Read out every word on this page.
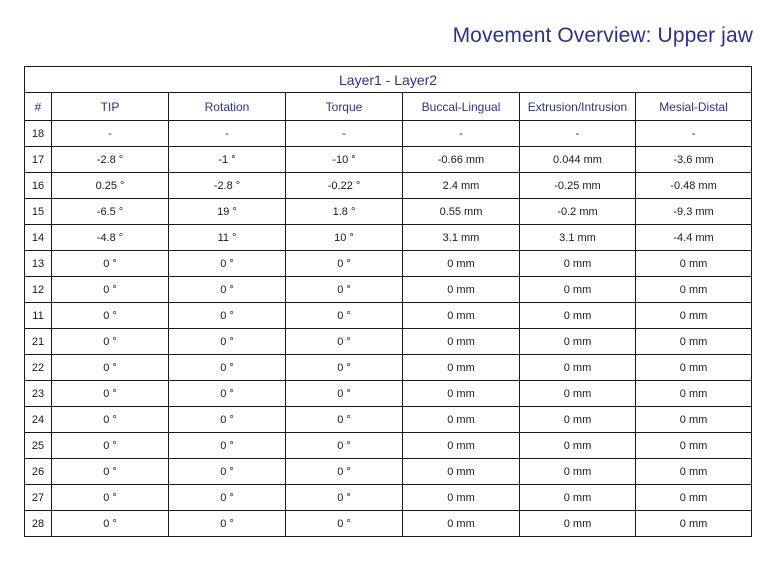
Movement Overview: Upper jaw
Layer1 - Layer2						
#	TIP	Rotation	Torque	Buccal-Lingual	Extrusion/Intrusion	Mesial-Distal
18	-	-	-	-	-	-
17	-2.8 °	-1 °	-10 °	-0.66 mm	0.044 mm	-3.6 mm
16	0.25 °	-2.8 °	-0.22 °	2.4 mm	-0.25 mm	-0.48 mm
15	-6.5 °	19 °	1.8 °	0.55 mm	-0.2 mm	-9.3 mm
14	-4.8 °	11 °	10 °	3.1 mm	3.1 mm	-4.4 mm
13	0 °	0 °	0 °	0 mm	0 mm	0 mm
12	0 °	0 °	0 °	0 mm	0 mm	0 mm
11	0 °	0 °	0 °	0 mm	0 mm	0 mm
21	0 °	0 °	0 °	0 mm	0 mm	0 mm
22	0 °	0 °	0 °	0 mm	0 mm	0 mm
23	0 °	0 °	0 °	0 mm	0 mm	0 mm
24	0 °	0 °	0 °	0 mm	0 mm	0 mm
25	0 °	0 °	0 °	0 mm	0 mm	0 mm
26	0 °	0 °	0 °	0 mm	0 mm	0 mm
27	0 °	0 °	0 °	0 mm	0 mm	0 mm
28	0 °	0 °	0 °	0 mm	0 mm	0 mm
